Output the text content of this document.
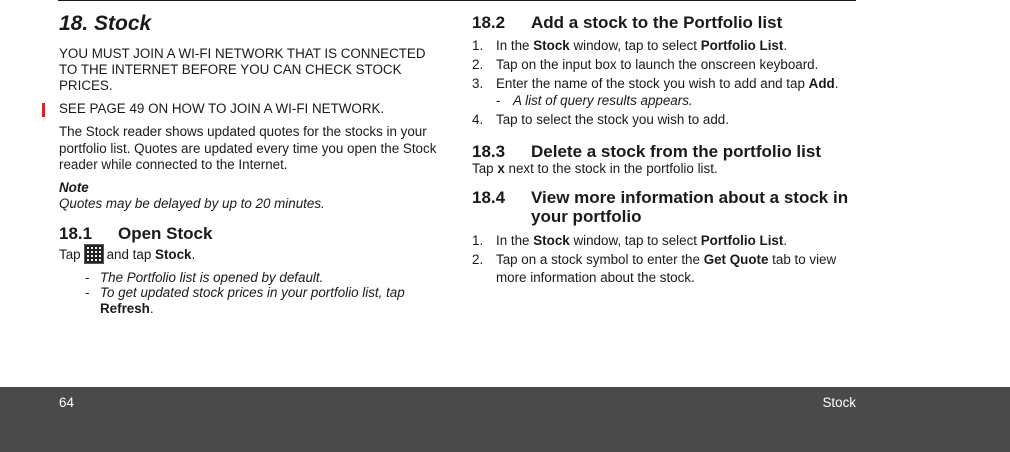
18. Stock
YOU MUST JOIN A WI-FI NETWORK THAT IS CONNECTED TO THE INTERNET BEFORE YOU CAN CHECK STOCK PRICES.
SEE PAGE 49 ON HOW TO JOIN A WI-FI NETWORK.

The Stock reader shows updated quotes for the stocks in your portfolio list. Quotes are updated every time you open the Stock reader while connected to the Internet.

Note
Quotes may be delayed by up to 20 minutes.
18.1	Open Stock

Tap and tap Stock.

- The Portfolio list is opened by default.
- To get updated stock prices in your portfolio list, tap Refresh.
18.2	Add a stock to the Portfolio list
1. In the Stock window, tap to select Portfolio List.
2. Tap on the input box to launch the onscreen keyboard.
3. Enter the name of the stock you wish to add and tap Add.
- A list of query results appears.
4. Tap to select the stock you wish to add.
18.3	Delete a stock from the portfolio list

Tap x next to the stock in the portfolio list.

18.4	View more information about a stock in your portfolio
1. In the Stock window, tap to select Portfolio List.
2. Tap on a stock symbol to enter the Get Quote tab to view more information about the stock.
64	Stock
